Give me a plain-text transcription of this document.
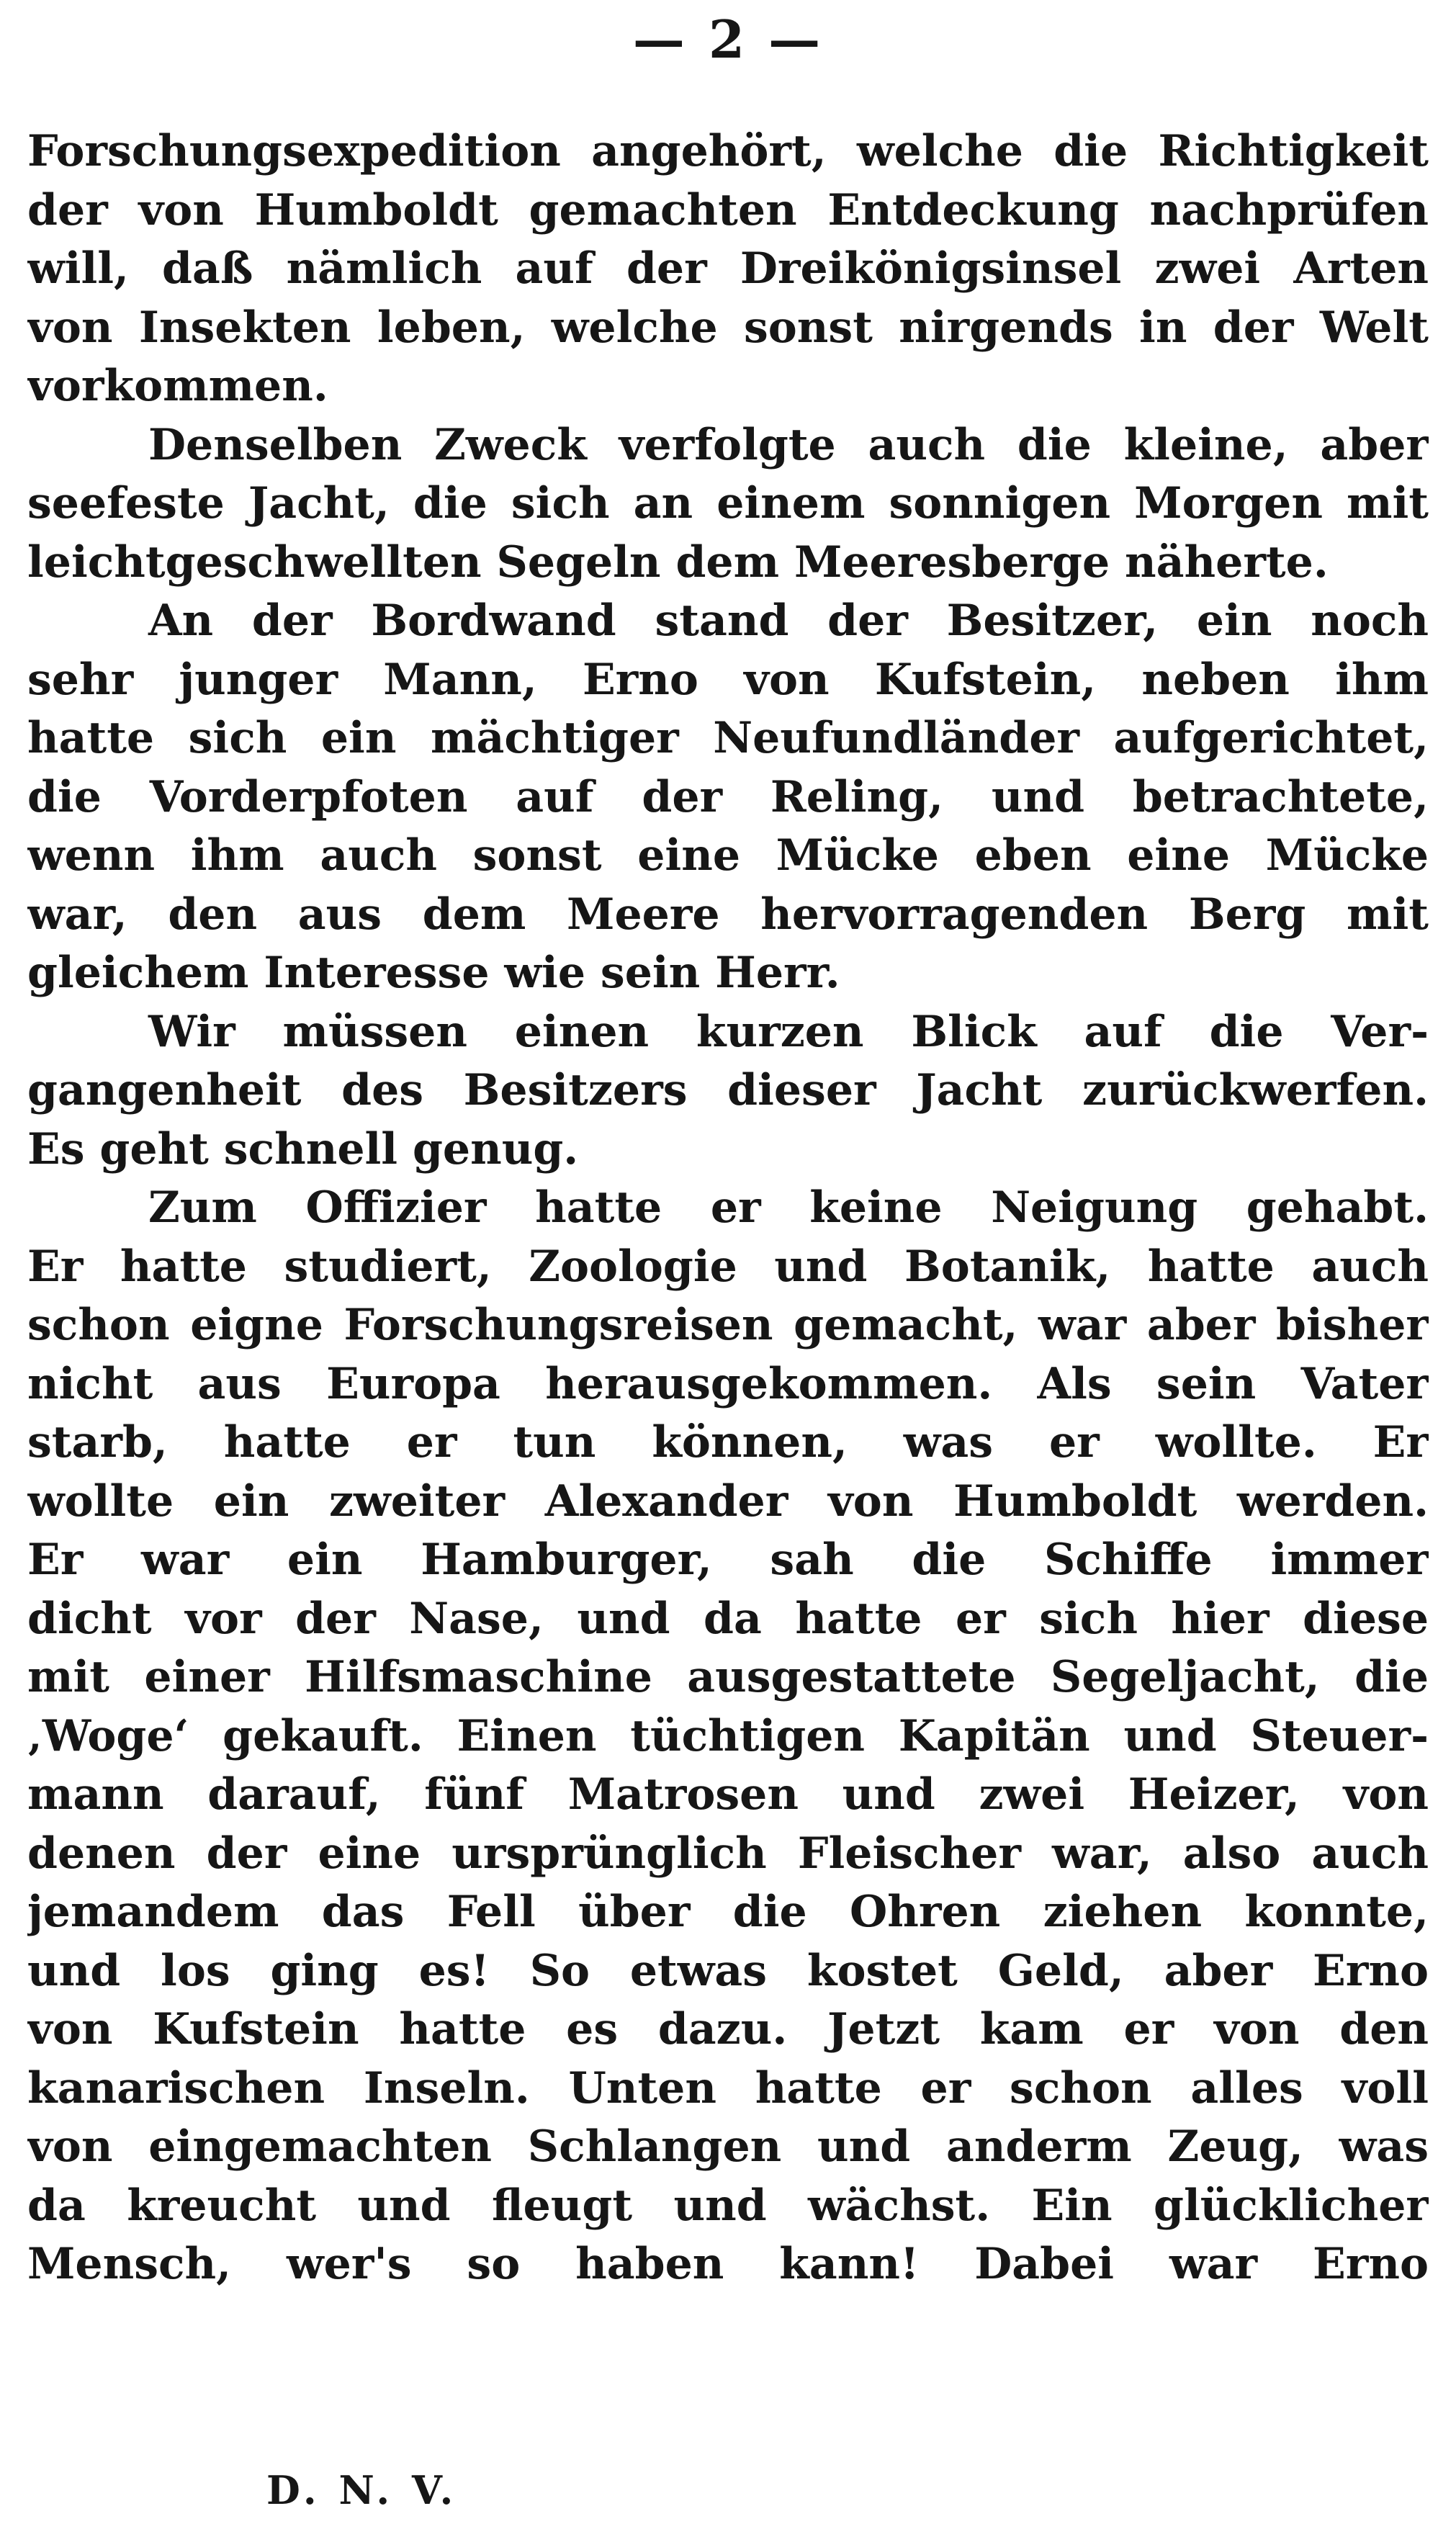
— 2 —
Forschungsexpedition angehört, welche die Richtigkeit
der von Humboldt gemachten Entdeckung nachprüfen
will, daß nämlich auf der Dreikönigsinsel zwei Arten
von Insekten leben, welche sonst nirgends in der Welt
vorkommen.
Denselben Zweck verfolgte auch die kleine, aber
seefeste Jacht, die sich an einem sonnigen Morgen mit
leichtgeschwellten Segeln dem Meeresberge näherte.
An der Bordwand stand der Besitzer, ein noch
sehr junger Mann, Erno von Kufstein, neben ihm
hatte sich ein mächtiger Neufundländer aufgerichtet,
die Vorderpfoten auf der Reling, und betrachtete,
wenn ihm auch sonst eine Mücke eben eine Mücke
war, den aus dem Meere hervorragenden Berg mit
gleichem Interesse wie sein Herr.
Wir müssen einen kurzen Blick auf die Ver-
gangenheit des Besitzers dieser Jacht zurückwerfen.
Es geht schnell genug.
Zum Offizier hatte er keine Neigung gehabt.
Er hatte studiert, Zoologie und Botanik, hatte auch
schon eigne Forschungsreisen gemacht, war aber bisher
nicht aus Europa herausgekommen. Als sein Vater
starb, hatte er tun können, was er wollte. Er
wollte ein zweiter Alexander von Humboldt werden.
Er war ein Hamburger, sah die Schiffe immer
dicht vor der Nase, und da hatte er sich hier diese
mit einer Hilfsmaschine ausgestattete Segeljacht, die
‚Woge‘ gekauft. Einen tüchtigen Kapitän und Steuer-
mann darauf, fünf Matrosen und zwei Heizer, von
denen der eine ursprünglich Fleischer war, also auch
jemandem das Fell über die Ohren ziehen konnte,
und los ging es! So etwas kostet Geld, aber Erno
von Kufstein hatte es dazu. Jetzt kam er von den
kanarischen Inseln. Unten hatte er schon alles voll
von eingemachten Schlangen und anderm Zeug, was
da kreucht und fleugt und wächst. Ein glücklicher
Mensch, wer's so haben kann! Dabei war Erno
D. N. V.
